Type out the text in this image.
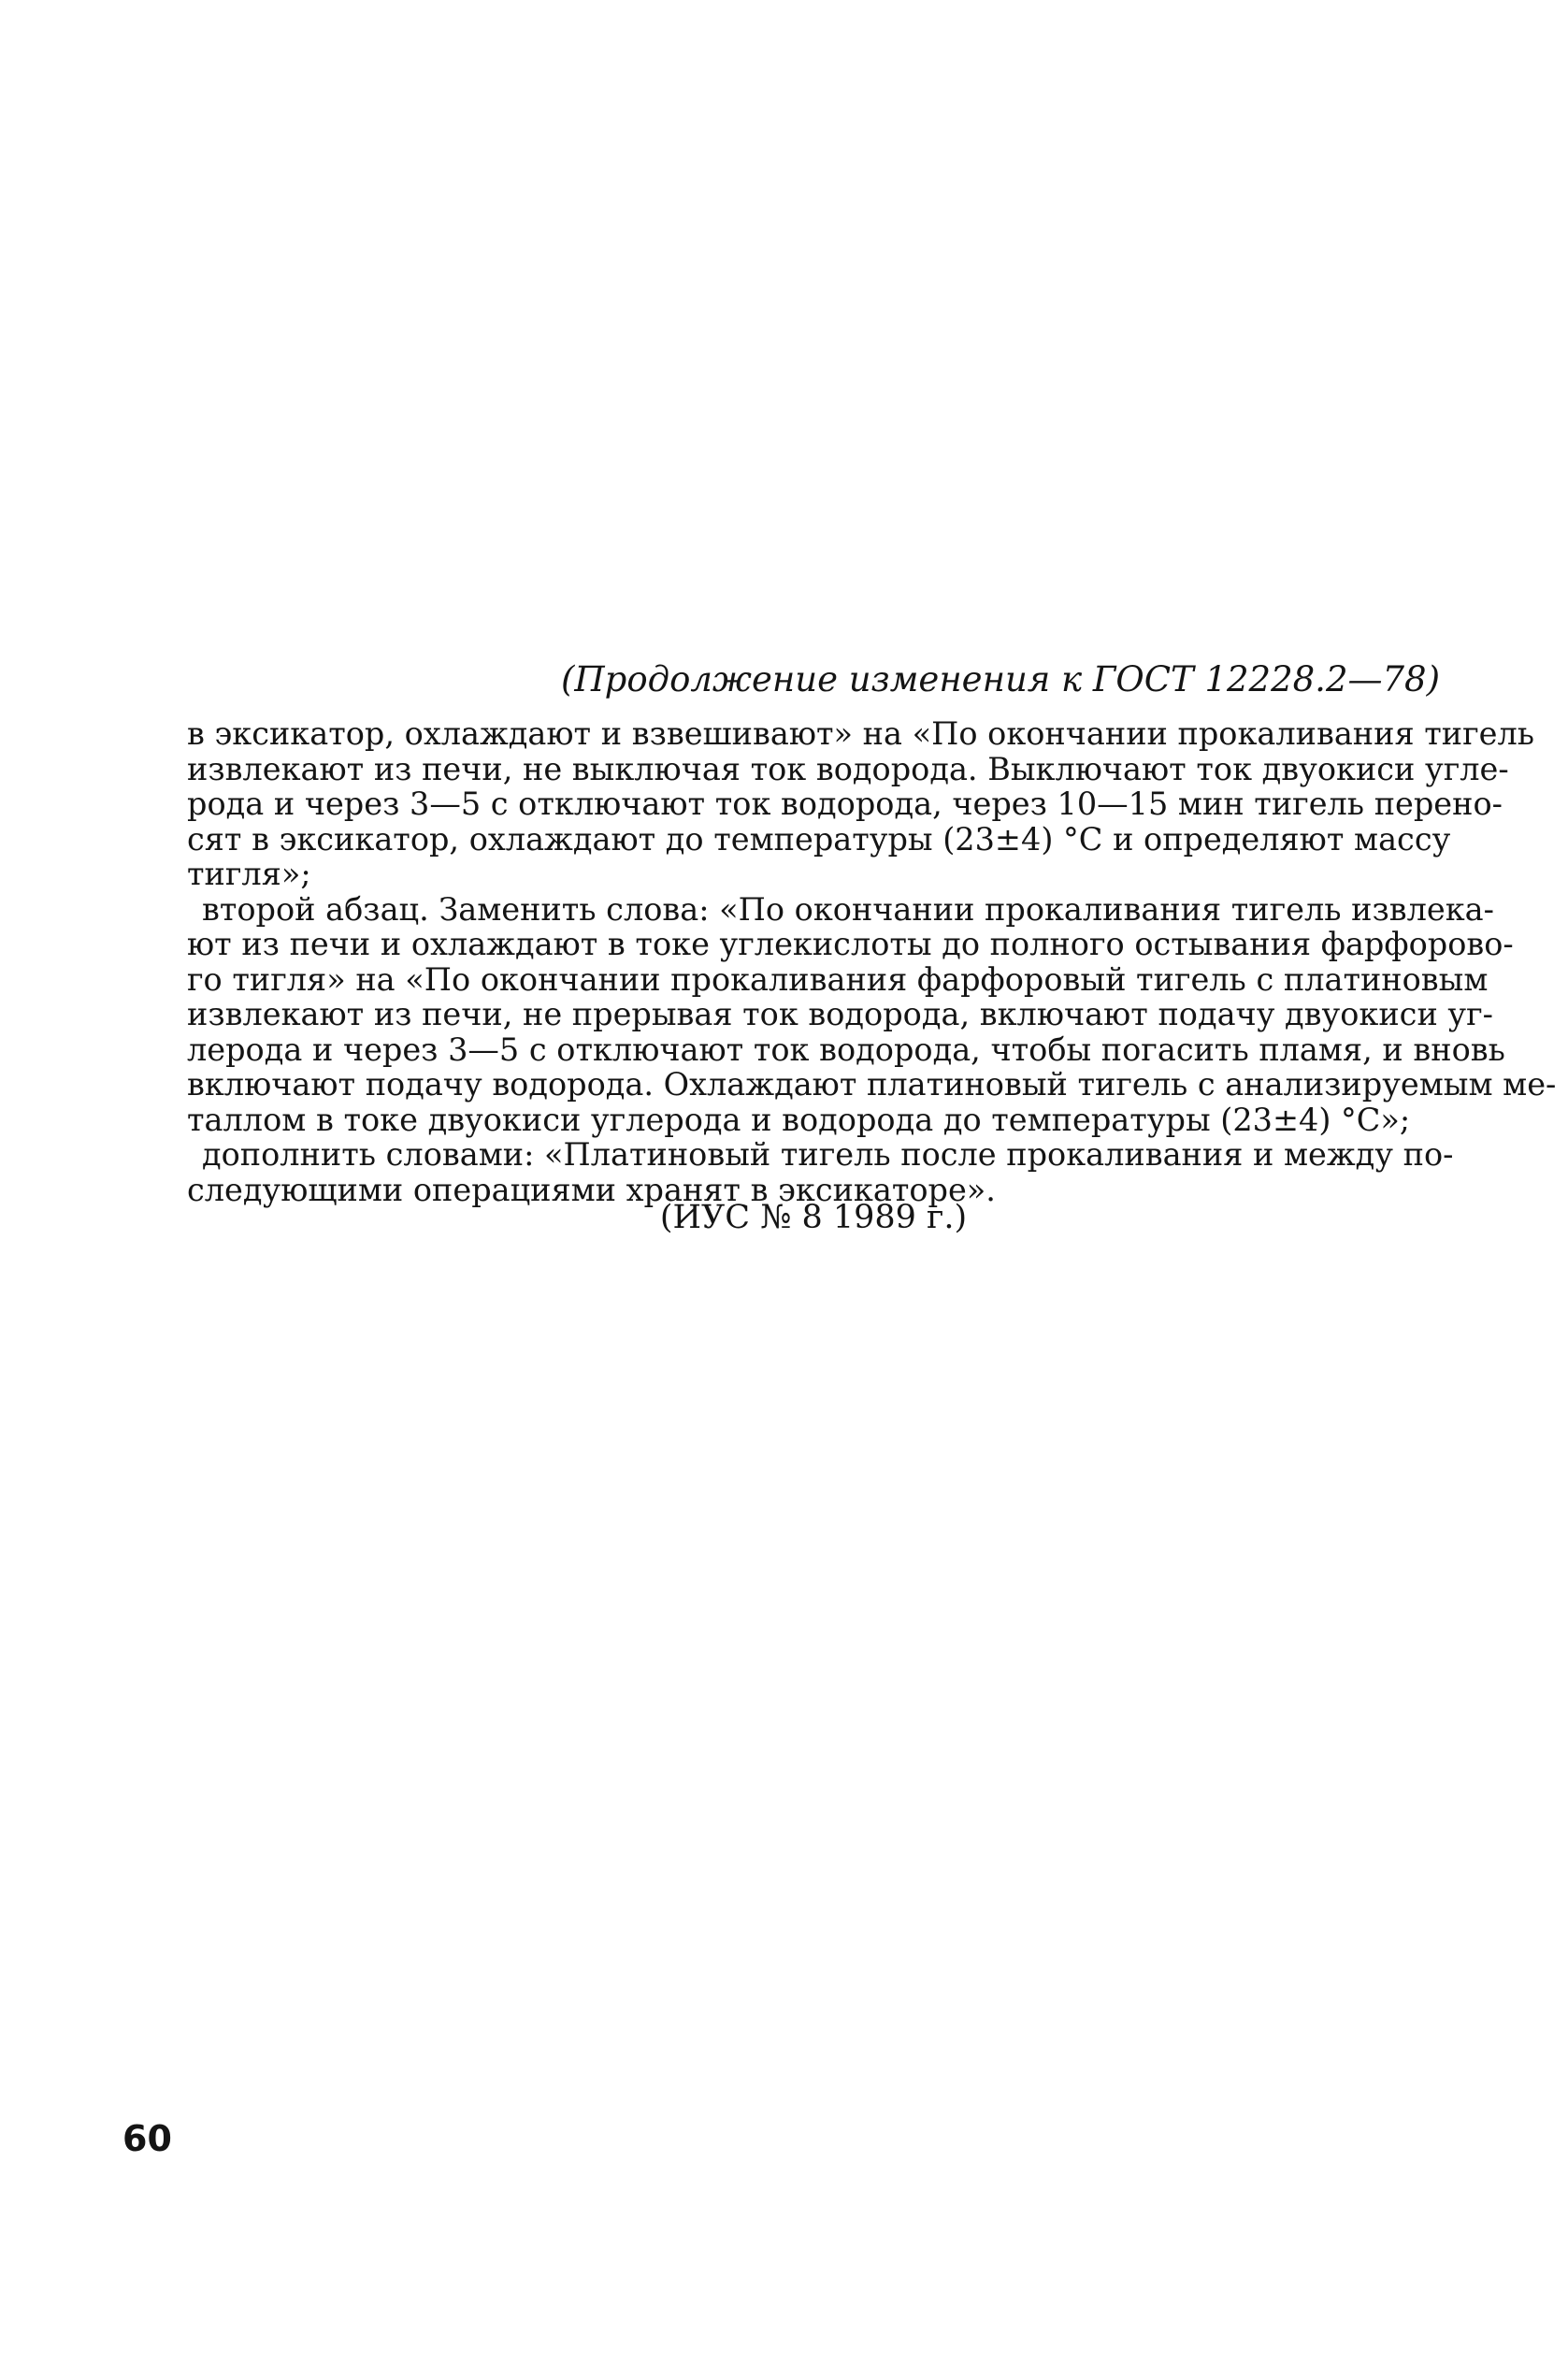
(Продолжение изменения к ГОСТ 12228.2—78)
в эксикатор, охлаждают и взвешивают» на «По окончании прокаливания тигель
извлекают из печи, не выключая ток водорода. Выключают ток двуокиси угле-
рода и через 3—5 с отключают ток водорода, через 10—15 мин тигель перено-
сят в эксикатор, охлаждают до температуры (23±4) °С и определяют массу
тигля»;
второй абзац. Заменить слова: «По окончании прокаливания тигель извлека-
ют из печи и охлаждают в токе углекислоты до полного остывания фарфорово-
го тигля» на «По окончании прокаливания фарфоровый тигель с платиновым
извлекают из печи, не прерывая ток водорода, включают подачу двуокиси уг-
лерода и через 3—5 с отключают ток водорода, чтобы погасить пламя, и вновь
включают подачу водорода. Охлаждают платиновый тигель с анализируемым ме-
таллом в токе двуокиси углерода и водорода до температуры (23±4) °С»;
дополнить словами: «Платиновый тигель после прокаливания и между по-
следующими операциями хранят в эксикаторе».
(ИУС № 8 1989 г.)
60
